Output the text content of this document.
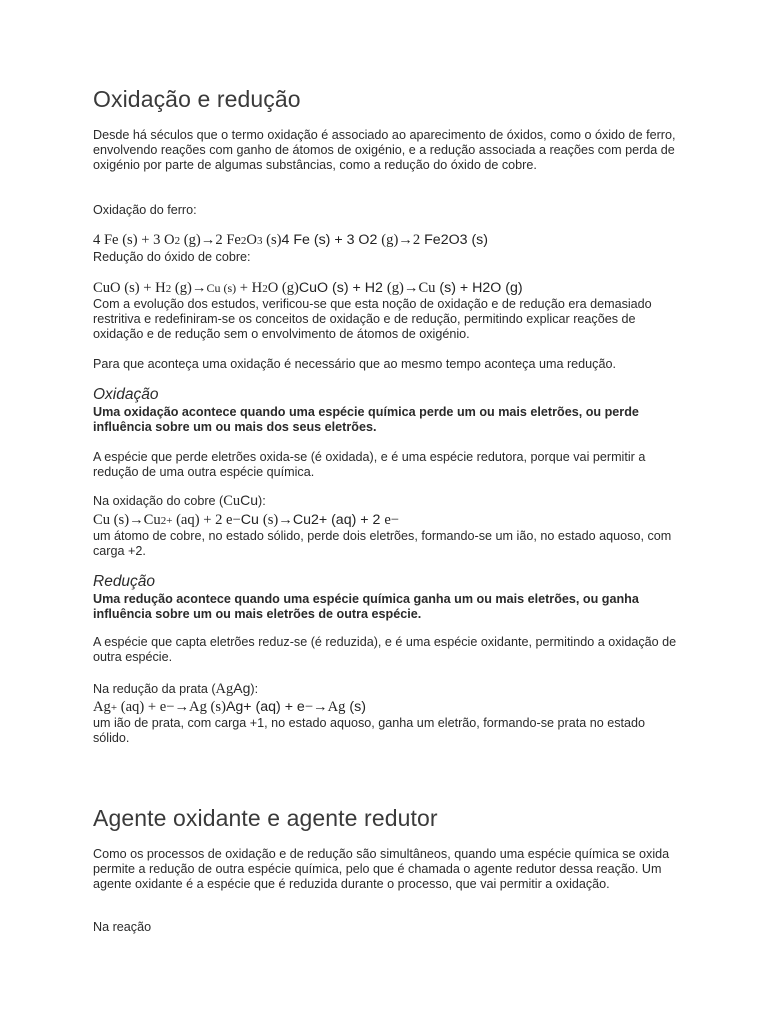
Oxidação e redução
Desde há séculos que o termo oxidação é associado ao aparecimento de óxidos, como o óxido de ferro, envolvendo reações com ganho de átomos de oxigénio, e a redução associada a reações com perda de oxigénio por parte de algumas substâncias, como a redução do óxido de cobre.
Oxidação do ferro:
4 Fe (s) + 3 O2 (g)→2 Fe2O3 (s)4 Fe (s) + 3 O2 (g)→2 Fe2O3 (s)
Redução do óxido de cobre:
CuO (s) + H2 (g)→Cu (s) + H2O (g)CuO (s) + H2 (g)→Cu (s) + H2O (g)
Com a evolução dos estudos, verificou-se que esta noção de oxidação e de redução era demasiado restritiva e redefiniram-se os conceitos de oxidação e de redução, permitindo explicar reações de oxidação e de redução sem o envolvimento de átomos de oxigénio.
Para que aconteça uma oxidação é necessário que ao mesmo tempo aconteça uma redução.
Oxidação
Uma oxidação acontece quando uma espécie química perde um ou mais eletrões, ou perde influência sobre um ou mais dos seus eletrões.
A espécie que perde eletrões oxida-se (é oxidada), e é uma espécie redutora, porque vai permitir a redução de uma outra espécie química.
Na oxidação do cobre (CuCu):
Cu (s)→Cu2+ (aq) + 2 e−Cu (s)→Cu2+ (aq) + 2 e−
um átomo de cobre, no estado sólido, perde dois eletrões, formando-se um ião, no estado aquoso, com carga +2.
Redução
Uma redução acontece quando uma espécie química ganha um ou mais eletrões, ou ganha influência sobre um ou mais eletrões de outra espécie.
A espécie que capta eletrões reduz-se (é reduzida), e é uma espécie oxidante, permitindo a oxidação de outra espécie.
Na redução da prata (AgAg):
Ag+ (aq) + e−→Ag (s)Ag+ (aq) + e−→Ag (s)
um ião de prata, com carga +1, no estado aquoso, ganha um eletrão, formando-se prata no estado sólido.
Agente oxidante e agente redutor
Como os processos de oxidação e de redução são simultâneos, quando uma espécie química se oxida permite a redução de outra espécie química, pelo que é chamada o agente redutor dessa reação. Um agente oxidante é a espécie que é reduzida durante o processo, que vai permitir a oxidação.
Na reação
